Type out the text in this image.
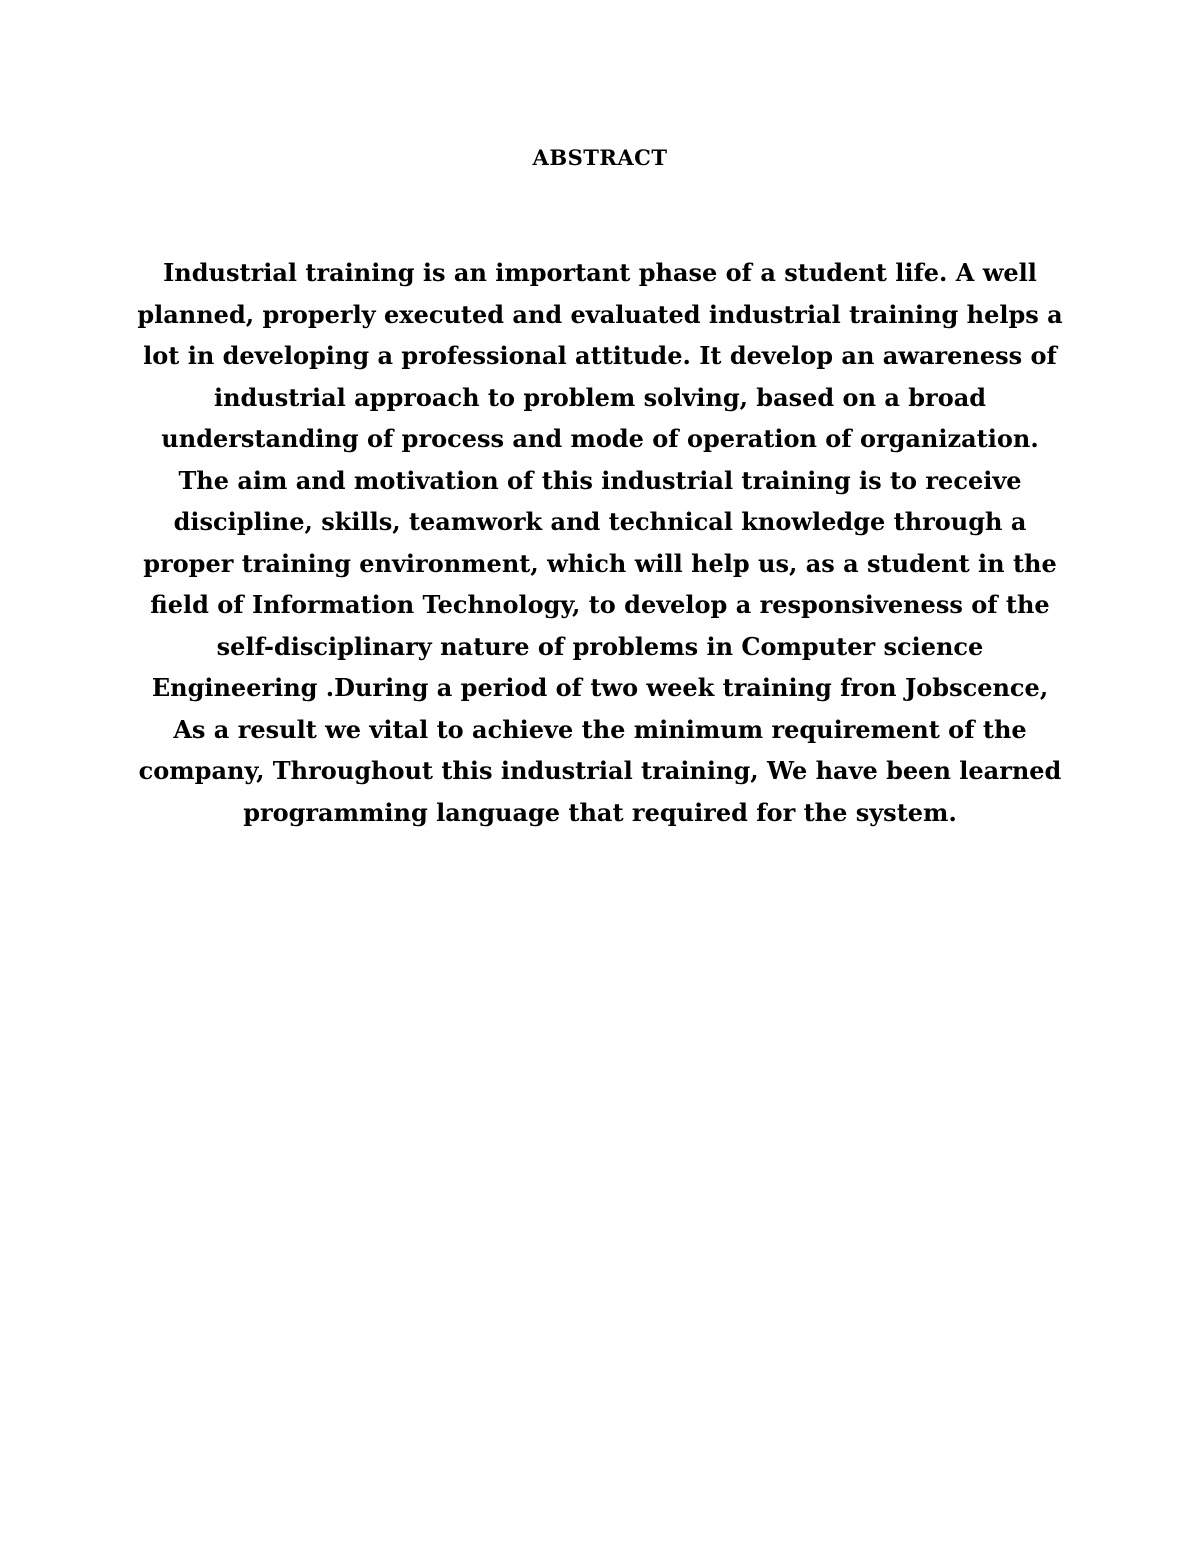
ABSTRACT
Industrial training is an important phase of a student life. A well
planned, properly executed and evaluated industrial training helps a
lot in developing a professional attitude. It develop an awareness of
industrial approach to problem solving, based on a broad
understanding of process and mode of operation of organization.
The aim and motivation of this industrial training is to receive
discipline, skills, teamwork and technical knowledge through a
proper training environment, which will help us, as a student in the
field of Information Technology, to develop a responsiveness of the
self-disciplinary nature of problems in Computer science
Engineering .During a period of two week training fron Jobscence,
As a result we vital to achieve the minimum requirement of the
company, Throughout this industrial training, We have been learned
programming language that required for the system.
